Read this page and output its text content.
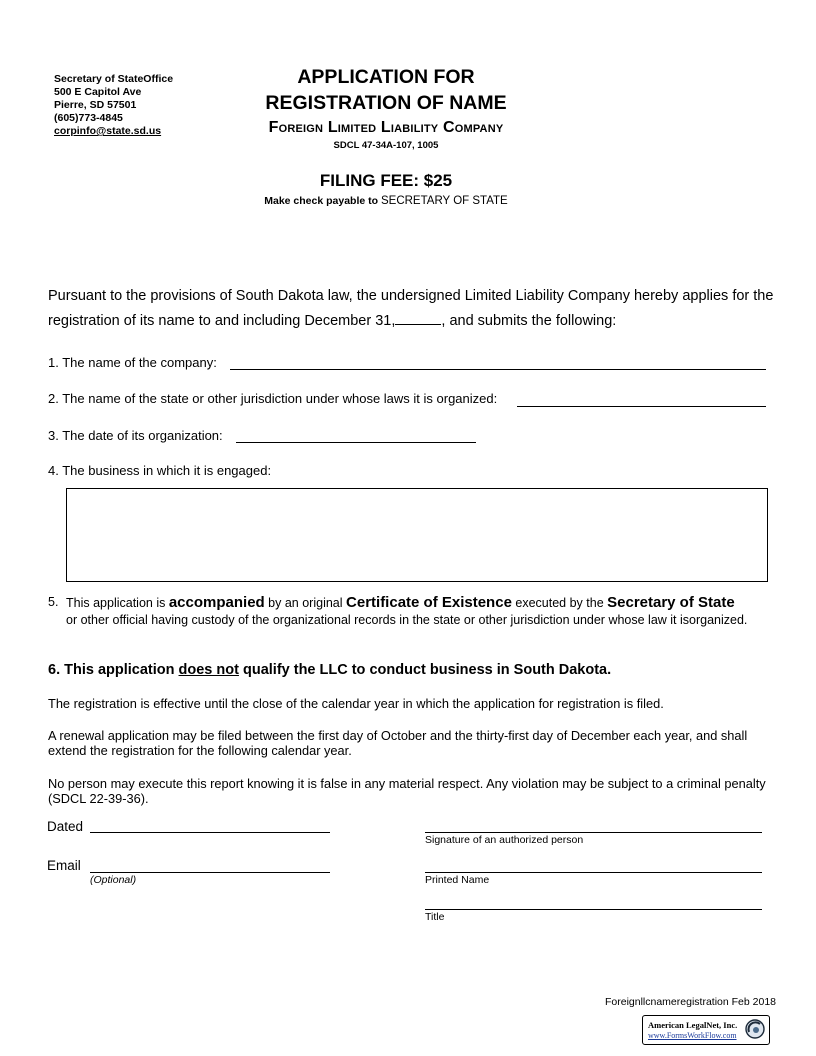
Secretary of StateOffice
500 E Capitol Ave
Pierre, SD 57501
(605)773-4845
corpinfo@state.sd.us
APPLICATION FOR
REGISTRATION OF NAME
Foreign Limited Liability Company
SDCL 47-34A-107, 1005
FILING FEE: $25
Make check payable to SECRETARY OF STATE
Pursuant to the provisions of South Dakota law, the undersigned Limited Liability Company hereby applies for the registration of its name to and including December 31,	, and submits the following:
1. The name of the company:
2. The name of the state or other jurisdiction under whose laws it is organized:
3. The date of its organization:
4. The business in which it is engaged:
5. This application is accompanied by an original Certificate of Existence executed by the Secretary of State or other official having custody of the organizational records in the state or other jurisdiction under whose law it isorganized.
6. This application does not qualify the LLC to conduct business in South Dakota.
The registration is effective until the close of the calendar year in which the application for registration is filed.
A renewal application may be filed between the first day of October and the thirty-first day of December each year, and shall extend the registration for the following calendar year.
No person may execute this report knowing it is false in any material respect. Any violation may be subject to a criminal penalty (SDCL 22-39-36).
Dated
Signature of an authorized person
Email
(Optional)	Printed Name
Title
Foreignllcnameregistration Feb 2018
American LegalNet, Inc.
www.FormsWorkFlow.com
